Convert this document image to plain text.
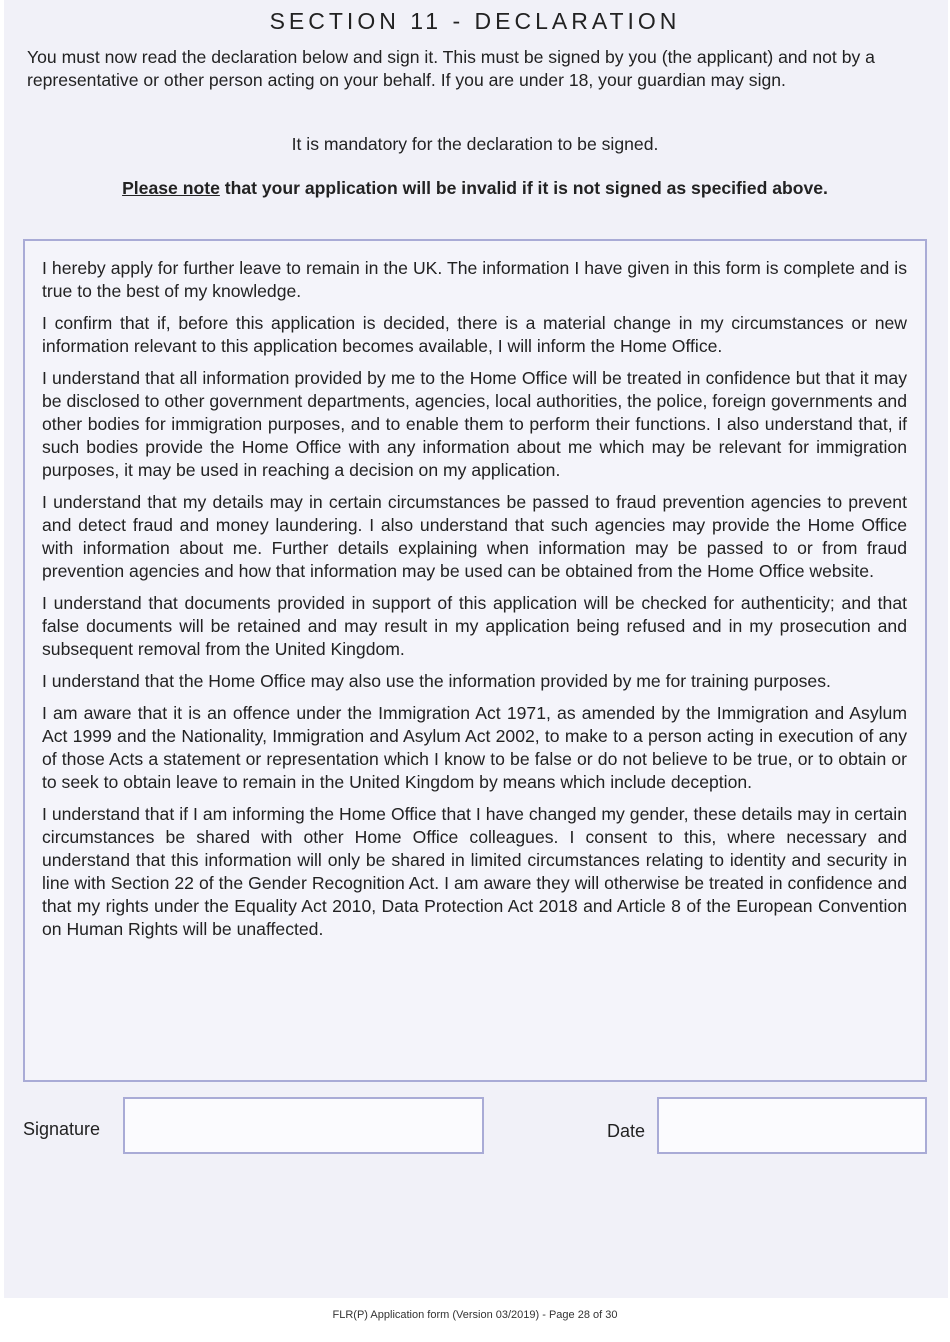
SECTION 11 - DECLARATION

You must now read the declaration below and sign it. This must be signed by you (the applicant) and not by a representative or other person acting on your behalf. If you are under 18, your guardian may sign.

It is mandatory for the declaration to be signed.

Please note that your application will be invalid if it is not signed as specified above.

I hereby apply for further leave to remain in the UK. The information I have given in this form is complete and is true to the best of my knowledge.

I confirm that if, before this application is decided, there is a material change in my circumstances or new information relevant to this application becomes available, I will inform the Home Office.

I understand that all information provided by me to the Home Office will be treated in confidence but that it may be disclosed to other government departments, agencies, local authorities, the police, foreign governments and other bodies for immigration purposes, and to enable them to perform their functions. I also understand that, if such bodies provide the Home Office with any information about me which may be relevant for immigration purposes, it may be used in reaching a decision on my application.

I understand that my details may in certain circumstances be passed to fraud prevention agencies to prevent and detect fraud and money laundering. I also understand that such agencies may provide the Home Office with information about me. Further details explaining when information may be passed to or from fraud prevention agencies and how that information may be used can be obtained from the Home Office website.

I understand that documents provided in support of this application will be checked for authenticity; and that false documents will be retained and may result in my application being refused and in my prosecution and subsequent removal from the United Kingdom.

I understand that the Home Office may also use the information provided by me for training purposes.

I am aware that it is an offence under the Immigration Act 1971, as amended by the Immigration and Asylum Act 1999 and the Nationality, Immigration and Asylum Act 2002, to make to a person acting in execution of any of those Acts a statement or representation which I know to be false or do not believe to be true, or to obtain or to seek to obtain leave to remain in the United Kingdom by means which include deception.

I understand that if I am informing the Home Office that I have changed my gender, these details may in certain circumstances be shared with other Home Office colleagues. I consent to this, where necessary and understand that this information will only be shared in limited circumstances relating to identity and security in line with Section 22 of the Gender Recognition Act. I am aware they will otherwise be treated in confidence and that my rights under the Equality Act 2010, Data Protection Act 2018 and Article 8 of the European Convention on Human Rights will be unaffected.

Signature	Date
FLR(P) Application form (Version 03/2019) - Page 28 of 30
